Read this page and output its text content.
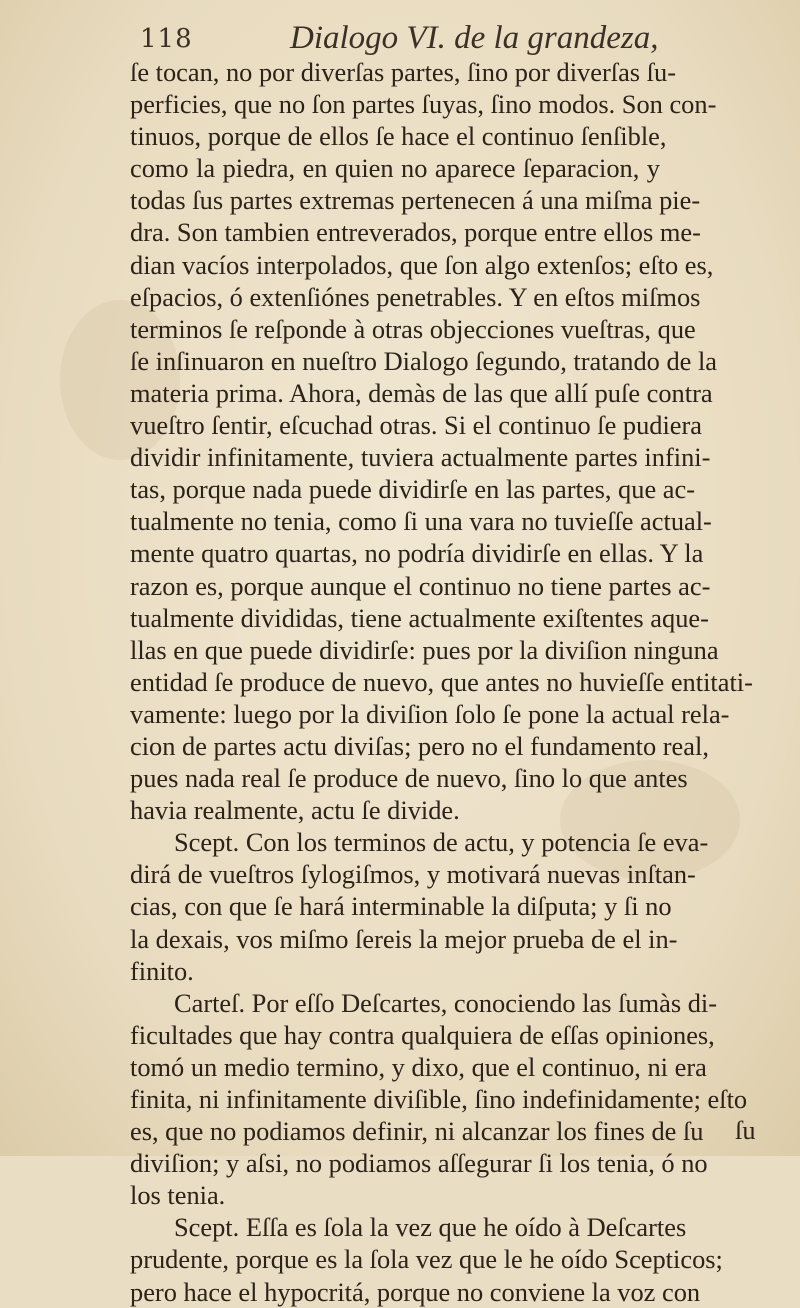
118	Dialogo VI. de la grandeza,
ſe tocan, no por diverſas partes, ſino por diverſas ſu-
perficies, que no ſon partes ſuyas, ſino modos. Son con-
tinuos, porque de ellos ſe hace el continuo ſenſible,
como la piedra, en quien no aparece ſeparacion, y
todas ſus partes extremas pertenecen á una miſma pie-
dra. Son tambien entreverados, porque entre ellos me-
dian vacíos interpolados, que ſon algo extenſos; eſto es,
eſpacios, ó extenſiónes penetrables. Y en eſtos miſmos
terminos ſe reſponde à otras objecciones vueſtras, que
ſe inſinuaron en nueſtro Dialogo ſegundo, tratando de la
materia prima. Ahora, demàs de las que allí puſe contra
vueſtro ſentir, eſcuchad otras. Si el continuo ſe pudiera
dividir infinitamente, tuviera actualmente partes infini-
tas, porque nada puede dividirſe en las partes, que ac-
tualmente no tenia, como ſi una vara no tuvieſſe actual-
mente quatro quartas, no podría dividirſe en ellas. Y la
razon es, porque aunque el continuo no tiene partes ac-
tualmente divididas, tiene actualmente exiſtentes aque-
llas en que puede dividirſe: pues por la diviſion ninguna
entidad ſe produce de nuevo, que antes no huvieſſe entitati-
vamente: luego por la diviſion ſolo ſe pone la actual rela-
cion de partes actu diviſas; pero no el fundamento real,
pues nada real ſe produce de nuevo, ſino lo que antes
havia realmente, actu ſe divide.
Scept. Con los terminos de actu, y potencia ſe eva-
dirá de vueſtros ſylogiſmos, y motivará nuevas inſtan-
cias, con que ſe hará interminable la diſputa; y ſi no
la dexais, vos miſmo ſereis la mejor prueba de el in-
finito.
Carteſ. Por eſſo Deſcartes, conociendo las ſumàs di-
ficultades que hay contra qualquiera de eſſas opiniones,
tomó un medio termino, y dixo, que el continuo, ni era
finita, ni infinitamente diviſible, ſino indefinidamente; eſto
es, que no podiamos definir, ni alcanzar los fines de ſu
diviſion; y aſsi, no podiamos aſſegurar ſi los tenia, ó no
los tenia.
Scept. Eſſa es ſola la vez que he oído à Deſcartes
prudente, porque es la ſola vez que le he oído Scepticos;
pero hace el hypocritá, porque no conviene la voz con
ſu
